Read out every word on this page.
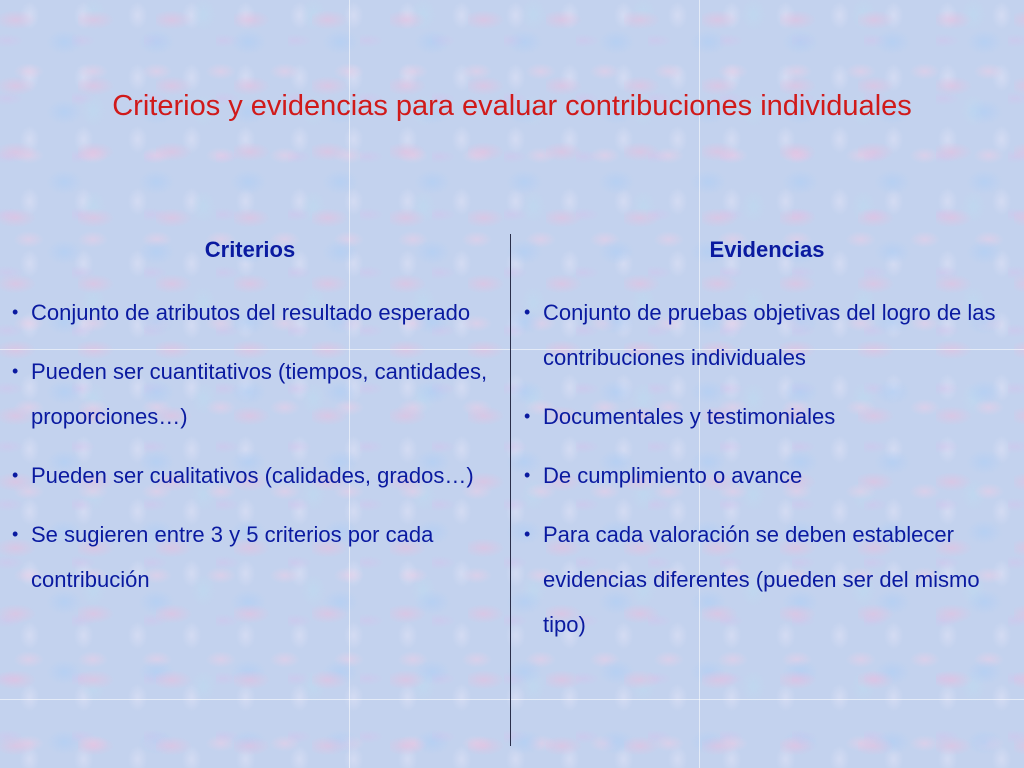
Criterios y evidencias para evaluar contribuciones individuales
Criterios
• Conjunto de atributos del resultado esperado
• Pueden ser cuantitativos (tiempos, cantidades, proporciones…)
• Pueden ser cualitativos (calidades, grados…)
• Se sugieren entre 3 y 5 criterios por cada contribución
Evidencias
• Conjunto de pruebas objetivas del logro de las contribuciones individuales
• Documentales y testimoniales
• De cumplimiento o avance
• Para cada valoración se deben establecer evidencias diferentes (pueden ser del mismo tipo)
